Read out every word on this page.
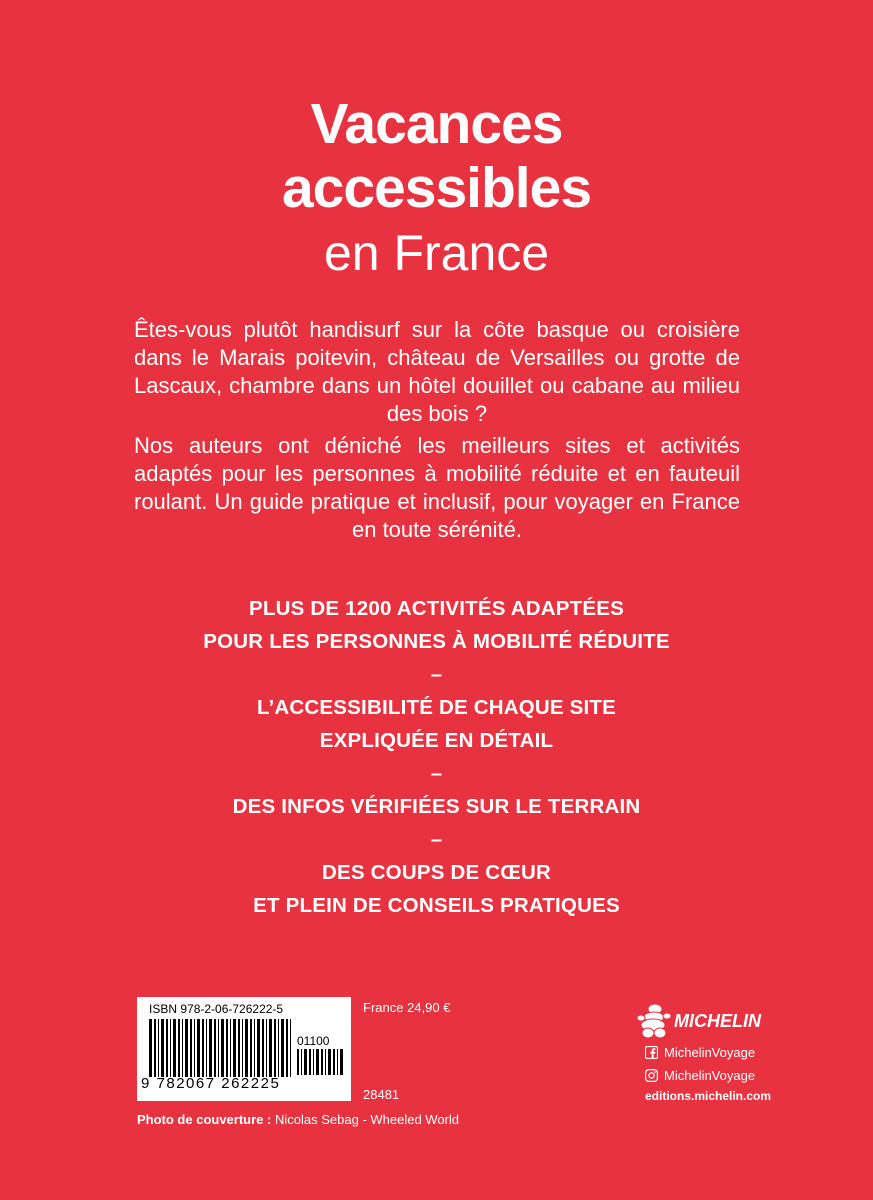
Vacances
accessibles
en France
Êtes-vous plutôt handisurf sur la côte basque ou croisière dans le Marais poitevin, château de Versailles ou grotte de Lascaux, chambre dans un hôtel douillet ou cabane au milieu des bois ?
Nos auteurs ont déniché les meilleurs sites et activités adaptés pour les personnes à mobilité réduite et en fauteuil roulant. Un guide pratique et inclusif, pour voyager en France en toute sérénité.
PLUS DE 1200 ACTIVITÉS ADAPTÉES
POUR LES PERSONNES À MOBILITÉ RÉDUITE
–
L’ACCESSIBILITÉ DE CHAQUE SITE
EXPLIQUÉE EN DÉTAIL
–
DES INFOS VÉRIFIÉES SUR LE TERRAIN
–
DES COUPS DE CŒUR
ET PLEIN DE CONSEILS PRATIQUES
ISBN 978-2-06-726222-5
01100
9 782067 262225
France 24,90 €
28481
Photo de couverture : Nicolas Sebag - Wheeled World
MICHELIN
MichelinVoyage
MichelinVoyage
editions.michelin.com
